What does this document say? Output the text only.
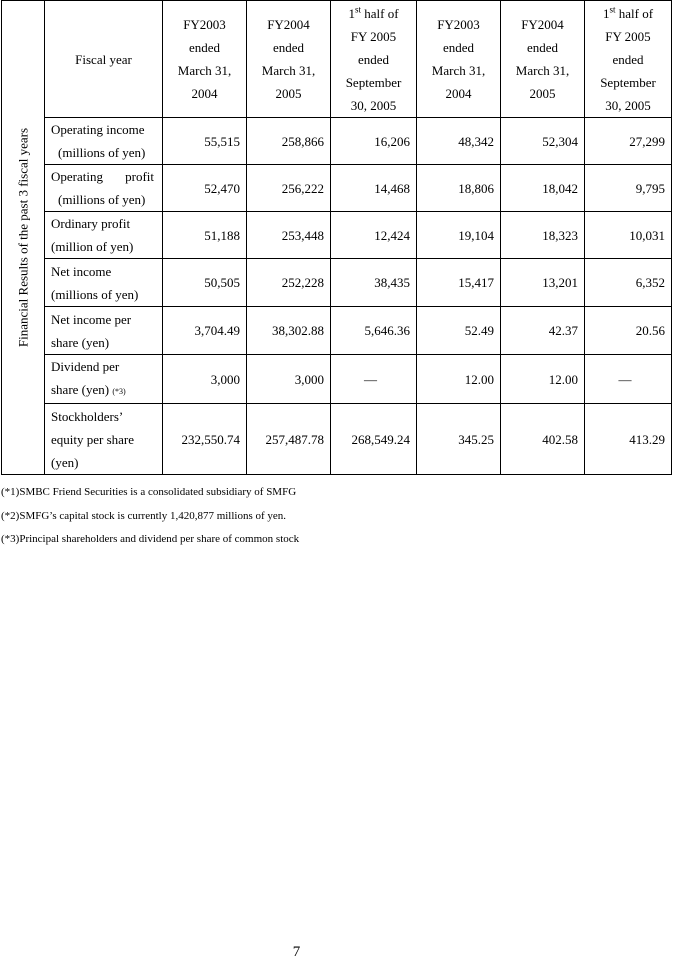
Financial Results of the past 3 fiscal years	Fiscal year	FY2003
ended
March 31,
2004	FY2004
ended
March 31,
2005	1st half of
FY 2005
ended
September
30, 2005	FY2003
ended
March 31,
2004	FY2004
ended
March 31,
2005	1st half of
FY 2005
ended
September
30, 2005

	Operating income
(millions of yen)	55,515	258,866	16,206	48,342	52,304	27,299

	Operating profit
(millions of yen)	52,470	256,222	14,468	18,806	18,042	9,795

	Ordinary profit
(million of yen)	51,188	253,448	12,424	19,104	18,323	10,031

	Net income
(millions of yen)	50,505	252,228	38,435	15,417	13,201	6,352

	Net income per
share (yen)	3,704.49	38,302.88	5,646.36	52.49	42.37	20.56

	Dividend per
share (yen) (*3)	3,000	3,000	—	12.00	12.00	—

	Stockholders’
equity per share
(yen)	232,550.74	257,487.78	268,549.24	345.25	402.58	413.29
(*1)SMBC Friend Securities is a consolidated subsidiary of SMFG
(*2)SMFG’s capital stock is currently 1,420,877 millions of yen.
(*3)Principal shareholders and dividend per share of common stock
7
